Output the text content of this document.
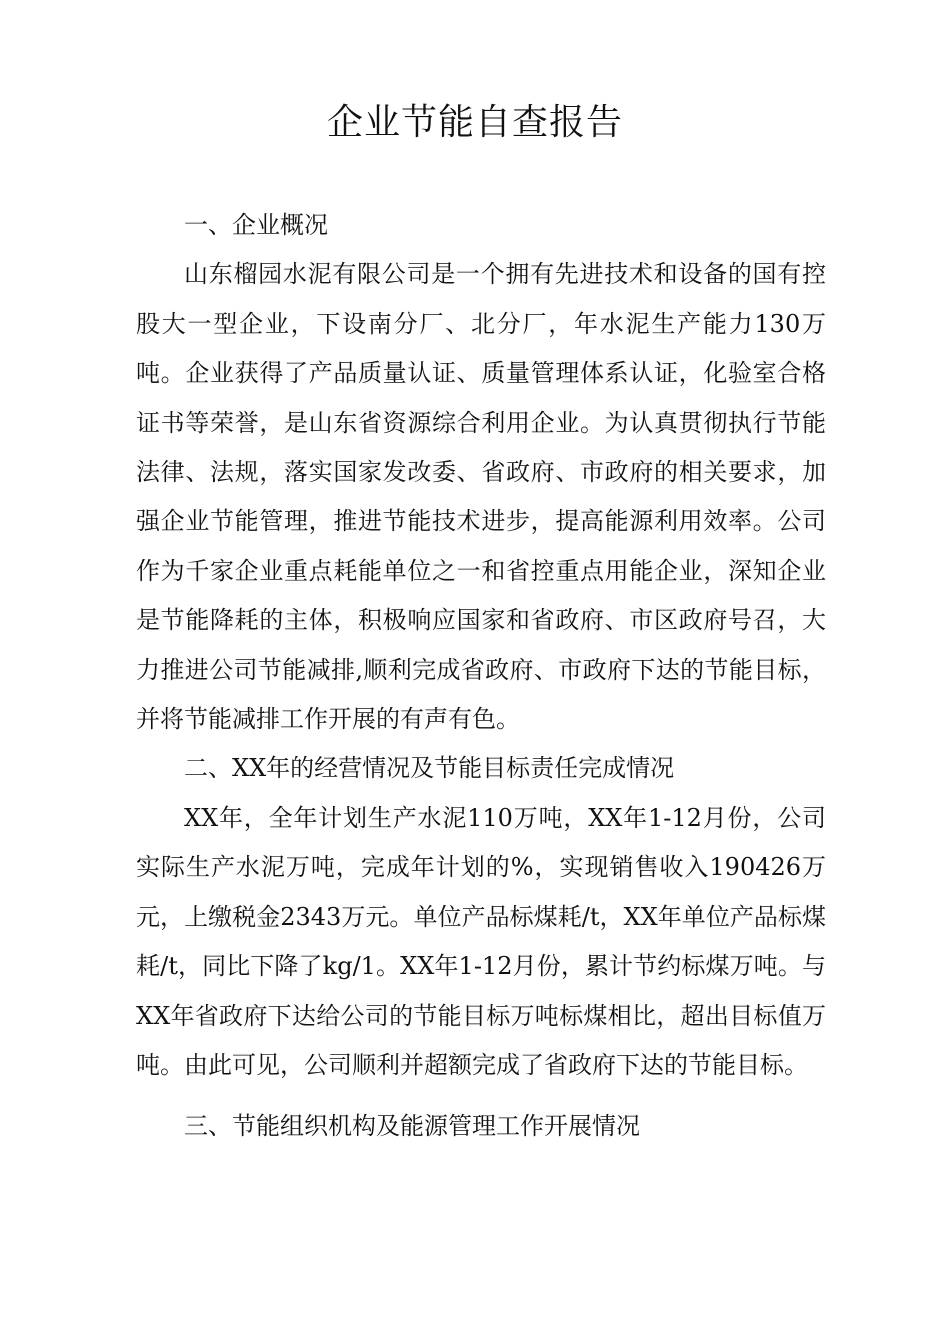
企业节能自查报告

一、企业概况

山东榴园水泥有限公司是一个拥有先进技术和设备的国有控股大一型企业，下设南分厂、北分厂，年水泥生产能力130万吨。企业获得了产品质量认证、质量管理体系认证，化验室合格证书等荣誉，是山东省资源综合利用企业。为认真贯彻执行节能法律、法规，落实国家发改委、省政府、市政府的相关要求，加强企业节能管理，推进节能技术进步，提高能源利用效率。公司作为千家企业重点耗能单位之一和省控重点用能企业，深知企业是节能降耗的主体，积极响应国家和省政府、市区政府号召，大力推进公司节能减排,顺利完成省政府、市政府下达的节能目标，并将节能减排工作开展的有声有色。

二、XX年的经营情况及节能目标责任完成情况

XX年，全年计划生产水泥110万吨，XX年1-12月份，公司实际生产水泥万吨，完成年计划的%，实现销售收入190426万元，上缴税金2343万元。单位产品标煤耗/t，XX年单位产品标煤耗/t，同比下降了kg/1。XX年1-12月份，累计节约标煤万吨。与XX年省政府下达给公司的节能目标万吨标煤相比，超出目标值万吨。由此可见，公司顺利并超额完成了省政府下达的节能目标。

三、节能组织机构及能源管理工作开展情况
